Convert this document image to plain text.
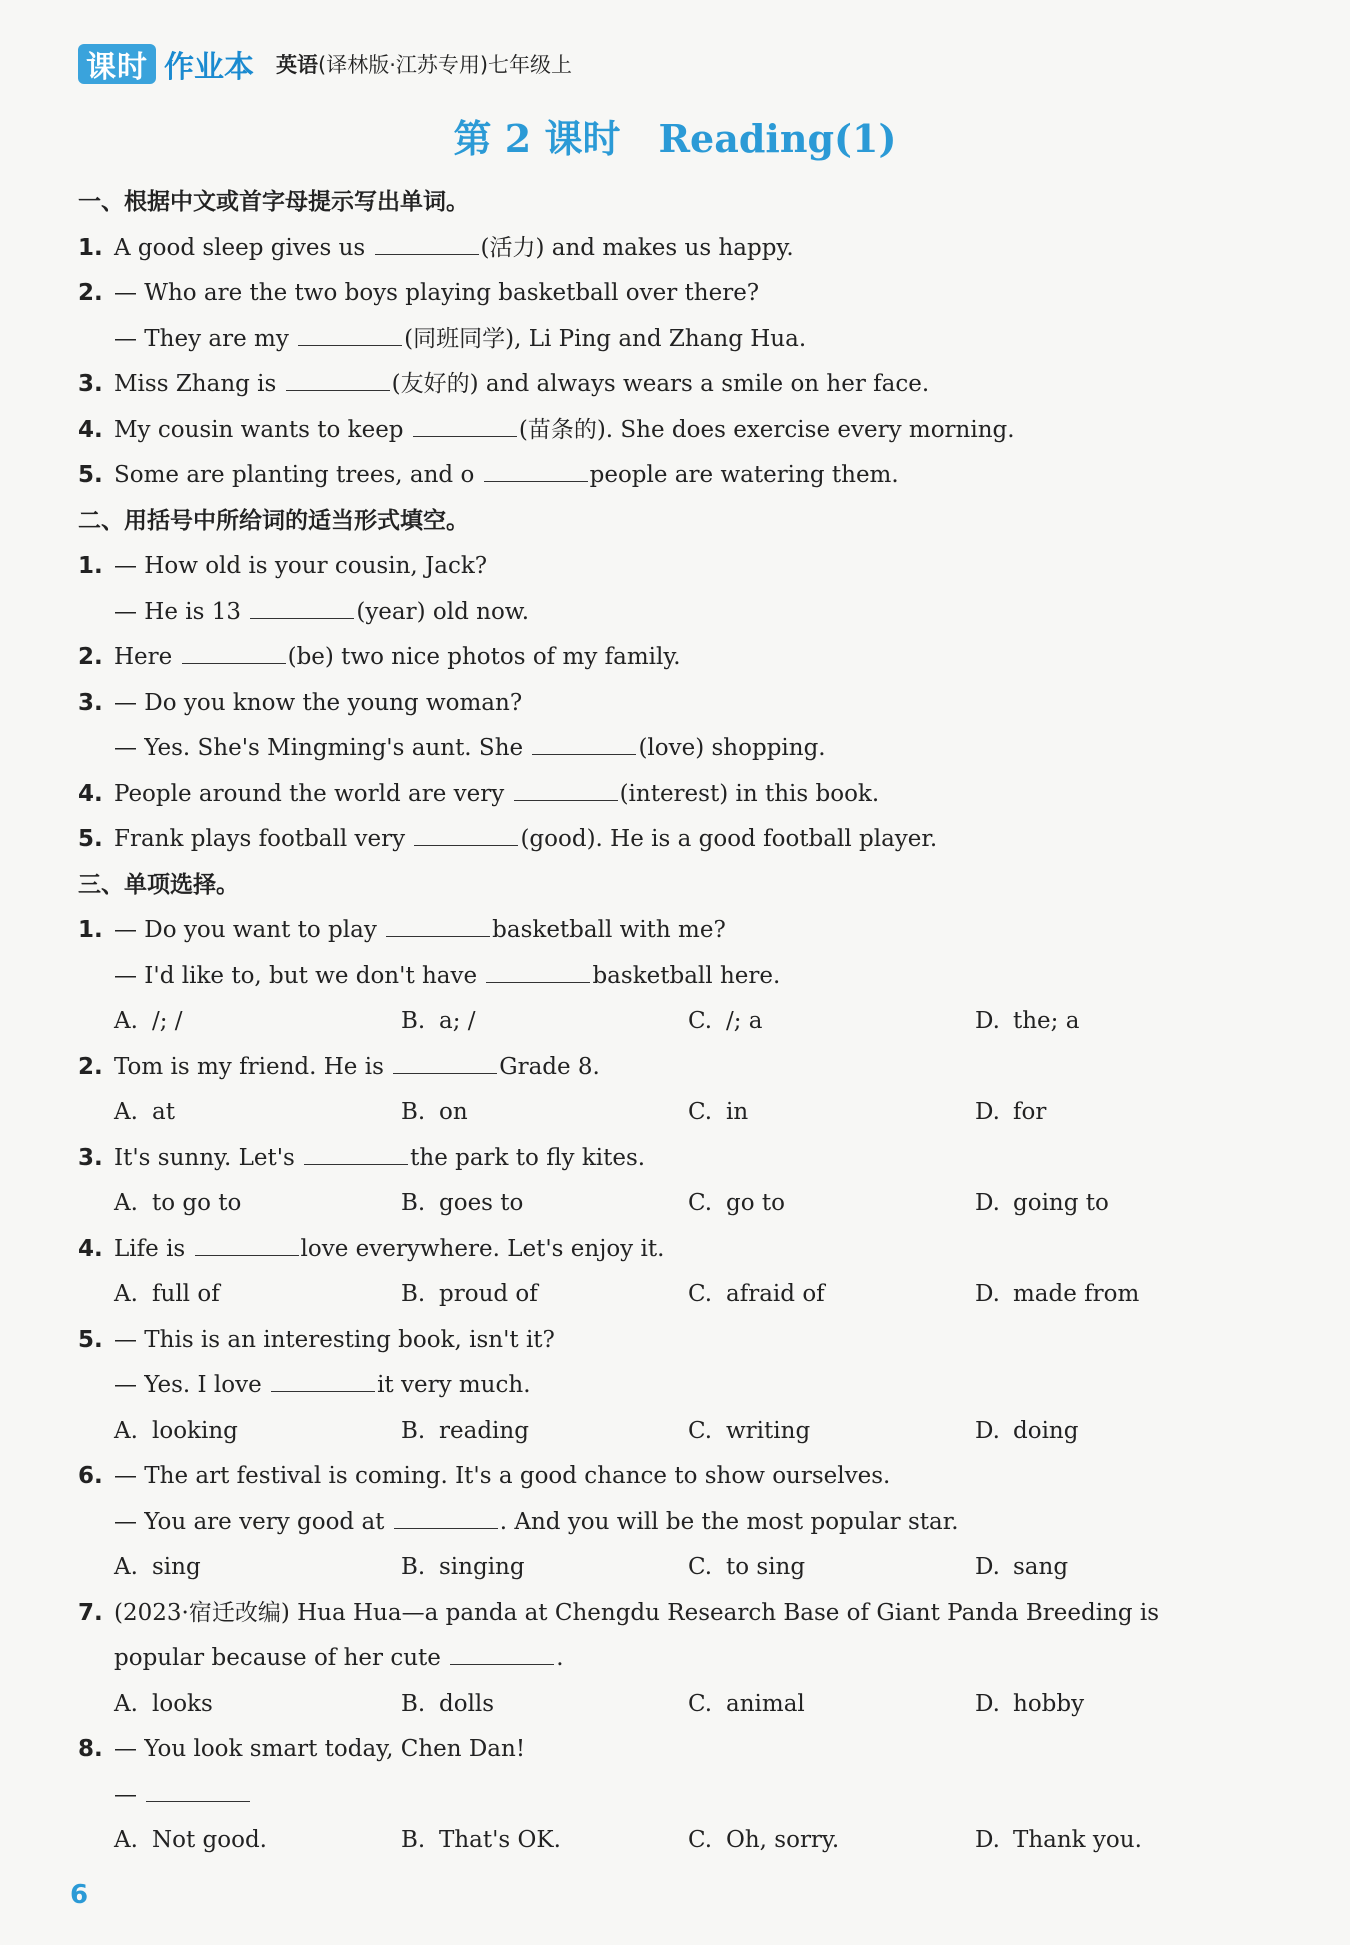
课时 作业本 英语(译林版·江苏专用)七年级上
第 2 课时　Reading(1)
一、根据中文或首字母提示写出单词。
1. A good sleep gives us	(活力) and makes us happy.
2. — Who are the two boys playing basketball over there?
— They are my	(同班同学), Li Ping and Zhang Hua.
3. Miss Zhang is	(友好的) and always wears a smile on her face.
4. My cousin wants to keep	(苗条的). She does exercise every morning.
5. Some are planting trees, and o	people are watering them.
二、用括号中所给词的适当形式填空。
1. — How old is your cousin, Jack?
— He is 13	(year) old now.
2. Here	(be) two nice photos of my family.
3. — Do you know the young woman?
— Yes. She's Mingming's aunt. She	(love) shopping.
4. People around the world are very	(interest) in this book.
5. Frank plays football very	(good). He is a good football player.
三、单项选择。
1. — Do you want to play	basketball with me?
— I'd like to, but we don't have	basketball here.
A. /; /	B. a; /	C. /; a	D. the; a
2. Tom is my friend. He is	Grade 8.
A. at	B. on	C. in	D. for
3. It's sunny. Let's	the park to fly kites.
A. to go to	B. goes to	C. go to	D. going to
4. Life is	love everywhere. Let's enjoy it.
A. full of	B. proud of	C. afraid of	D. made from
5. — This is an interesting book, isn't it?
— Yes. I love	it very much.
A. looking	B. reading	C. writing	D. doing
6. — The art festival is coming. It's a good chance to show ourselves.
— You are very good at	. And you will be the most popular star.
A. sing	B. singing	C. to sing	D. sang
7. (2023·宿迁改编) Hua Hua—a panda at Chengdu Research Base of Giant Panda Breeding is
popular because of her cute	.
A. looks	B. dolls	C. animal	D. hobby
8. — You look smart today, Chen Dan!
—
A. Not good.	B. That's OK.	C. Oh, sorry.	D. Thank you.
6
